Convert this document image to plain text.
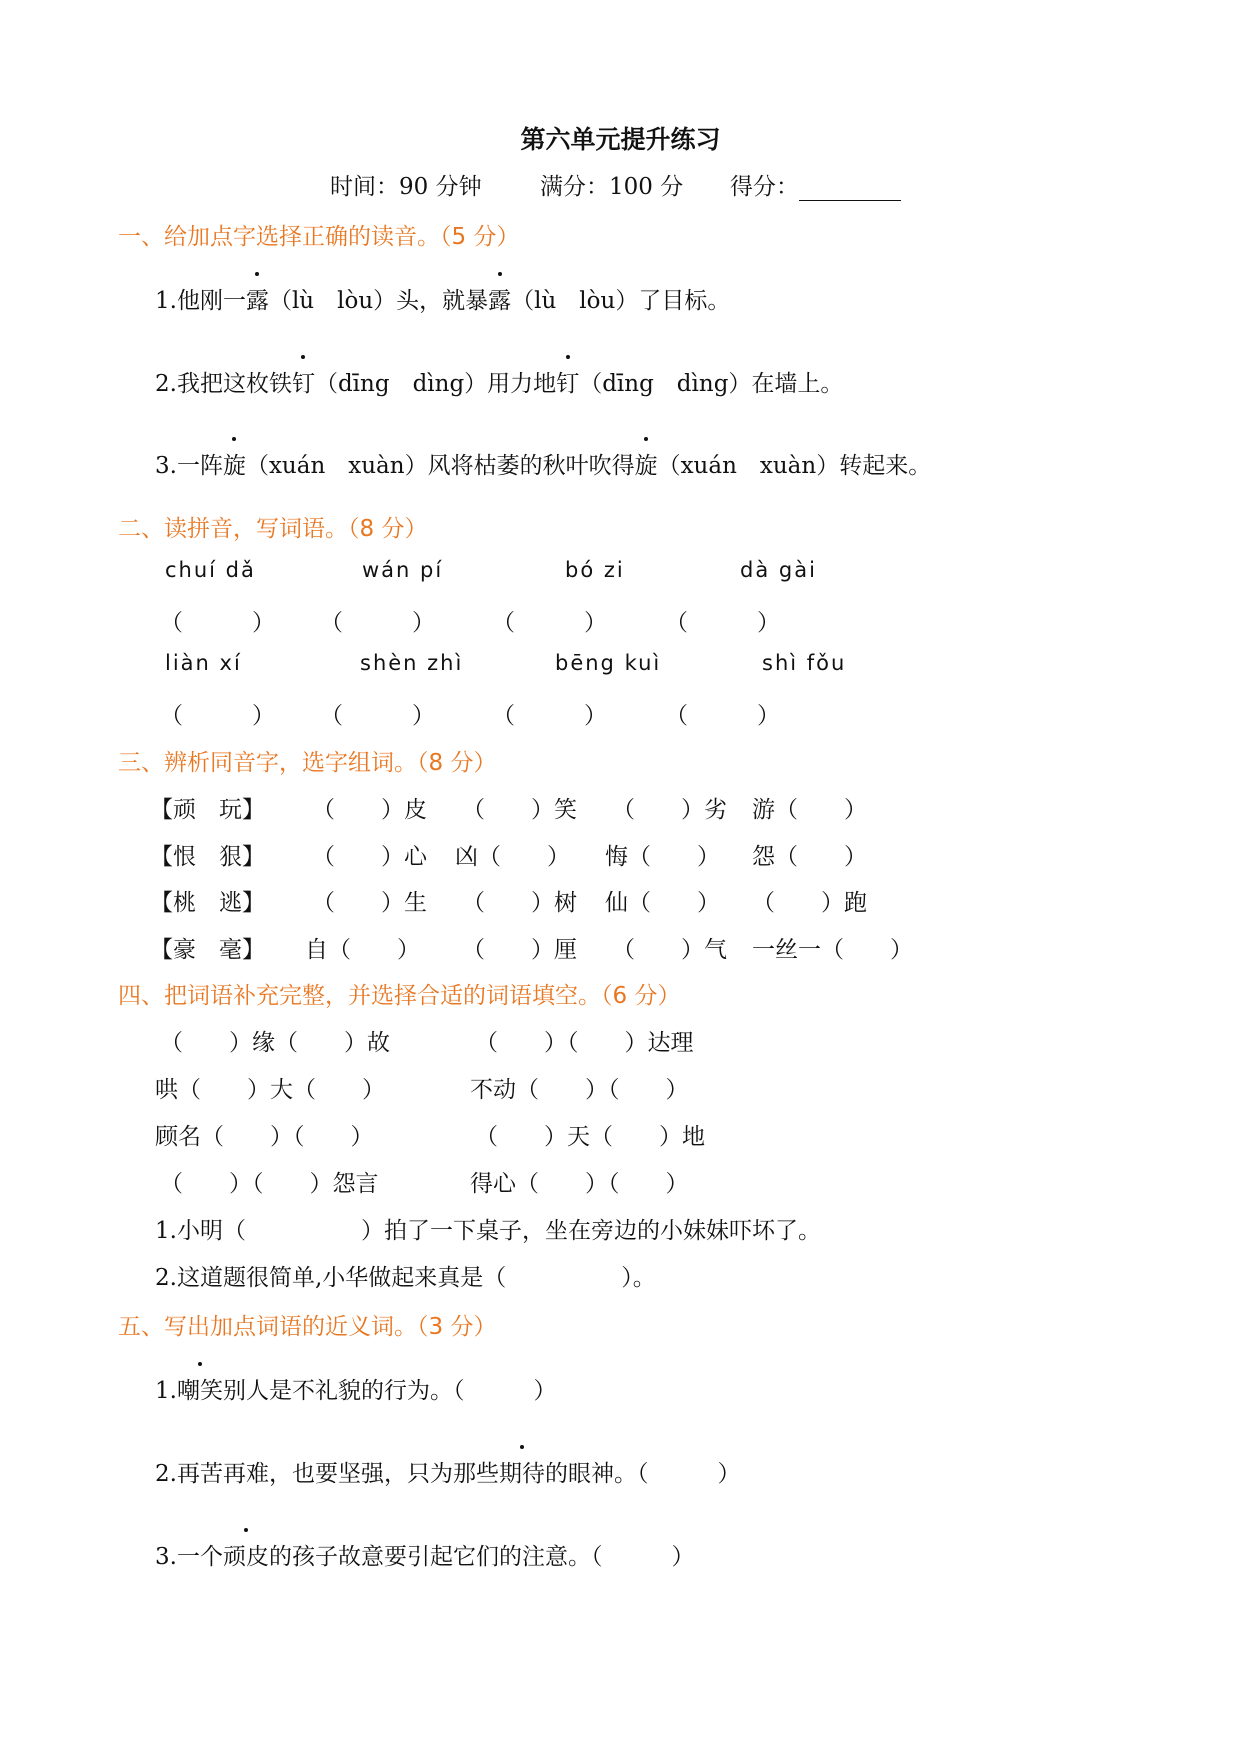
第六单元提升练习
时间：90 分钟	满分：100 分 得分：
一、给加点字选择正确的读音。（5 分）
1.他刚一露（lù　lòu）头，就暴露（lù　lòu）了目标。
2.我把这枚铁钉（dīng　dìng）用力地钉（dīng　dìng）在墙上。
3.一阵旋（xuán　xuàn）风将枯萎的秋叶吹得旋（xuán　xuàn）转起来。
二、读拼音，写词语。（8 分）
chuí dǎ	wán pí	bó zi	dà gài
（　　　） （　　　） （　　　）	（　　　）
liàn xí	shèn zhì	bēng kuì	shì fǒu
（　　　） （　　　） （　　　）	（　　　）
三、辨析同音字，选字组词。（8 分）
【顽　玩】 （　　）皮 （　　）笑 （　　）劣 游（　　）
【恨　狠】 （　　）心 凶（　　） 悔（　　） 怨（　　）
【桃　逃】 （　　）生 （　　）树 仙（　　） （　　）跑
【豪　毫】 自（　　） （　　）厘 （　　）气 一丝一（　　）
四、把词语补充完整，并选择合适的词语填空。（6 分）
（　　）缘（　　）故	（　　）（　　）达理
哄（　　）大（　　）	不动（　　）（　　）
顾名（　　）（　　）	（　　）天（　　）地
（　　）（　　）怨言	得心（　　）（　　）
1.小明（　　　　　）拍了一下桌子，坐在旁边的小妹妹吓坏了。
2.这道题很简单,小华做起来真是（　　　　　）。
五、写出加点词语的近义词。（3 分）
1.嘲笑别人是不礼貌的行为。（　　　）
2.再苦再难，也要坚强，只为那些期待的眼神。（　　　）
3.一个顽皮的孩子故意要引起它们的注意。（　　　）
